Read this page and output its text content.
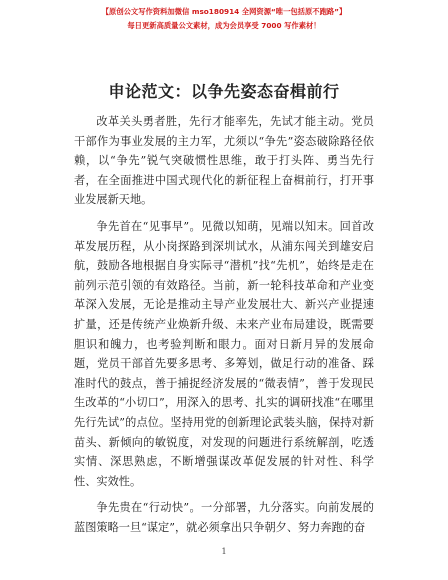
【原创公文写作资料加微信 mso180914 全网资源“唯一包括原不跑路”】
每日更新高质量公文素材，成为会员享受 7000 写作素材！
申论范文：以争先姿态奋楫前行

改革关头勇者胜，先行才能率先，先试才能主动。党员干部作为事业发展的主力军，尤须以“争先”姿态破除路径依赖，以“争先”锐气突破惯性思维，敢于打头阵、勇当先行者，在全面推进中国式现代化的新征程上奋楫前行，打开事业发展新天地。

争先首在“见事早”。见微以知萌，见端以知末。回首改革发展历程，从小岗探路到深圳试水，从浦东闯关到雄安启航，鼓励各地根据自身实际寻“潜机”找“先机”，始终是走在前列示范引领的有效路径。当前，新一轮科技革命和产业变革深入发展，无论是推动主导产业发展壮大、新兴产业提速扩量，还是传统产业焕新升级、未来产业布局建设，既需要胆识和魄力，也考验判断和眼力。面对日新月异的发展命题，党员干部首先要多思考、多筹划，做足行动的准备、踩准时代的鼓点，善于捕捉经济发展的“微表情”，善于发现民生改革的“小切口”，用深入的思考、扎实的调研找准“在哪里先行先试”的点位。坚持用党的创新理论武装头脑，保持对新苗头、新倾向的敏锐度，对发现的问题进行系统解剖，吃透实情、深思熟虑，不断增强谋改革促发展的针对性、科学性、实效性。

争先贵在“行动快”。一分部署，九分落实。向前发展的蓝图策略一旦“谋定”，就必须拿出只争朝夕、努力奔跑的奋

1
